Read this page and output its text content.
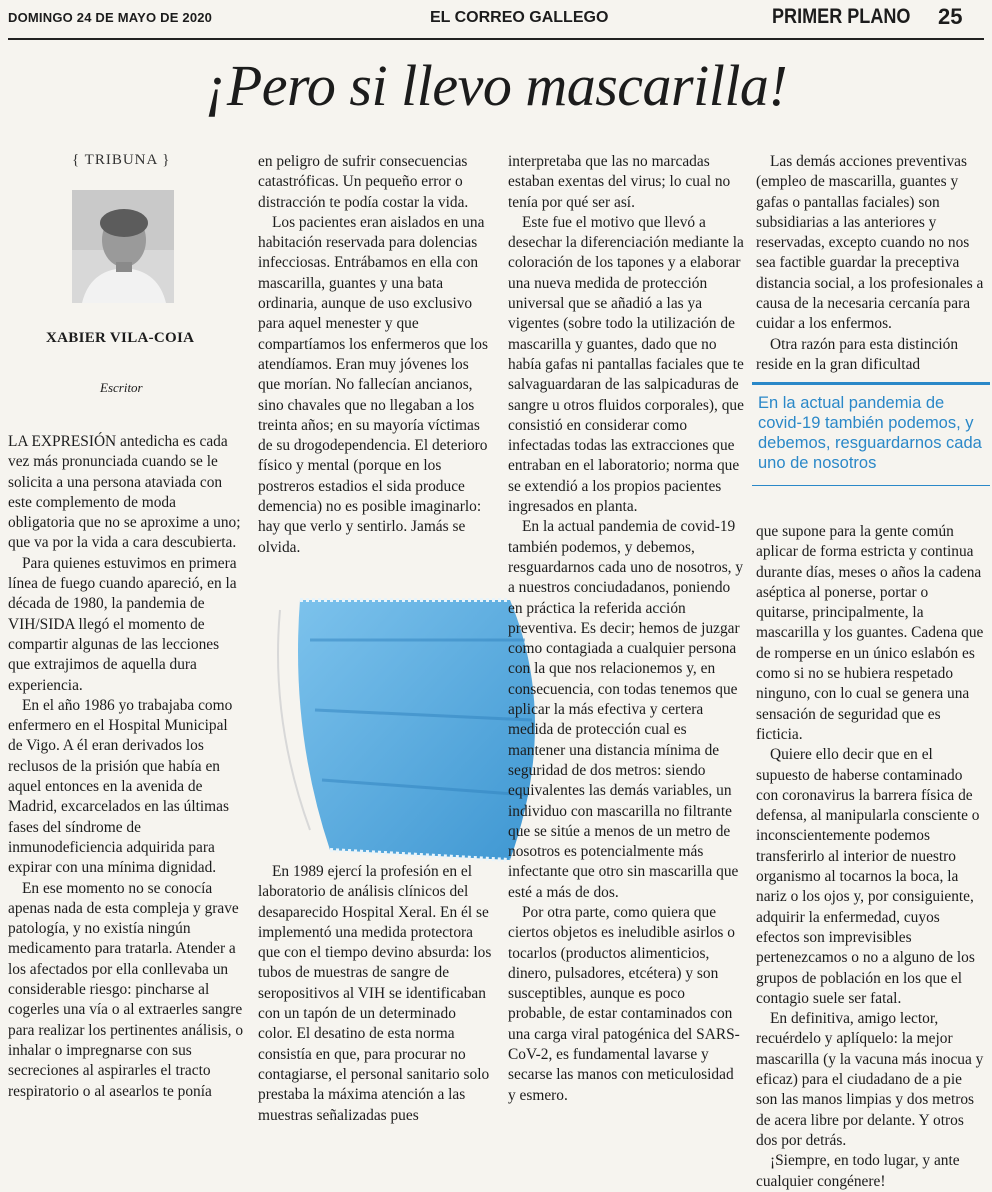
DOMINGO 24 DE MAYO DE 2020	EL CORREO GALLEGO	PRIMER PLANO 25
¡Pero si llevo mascarilla!
{ TRIBUNA }
XABIER VILA-COIA
Escritor

LA EXPRESIÓN antedicha es cada vez más pronunciada cuando se le solicita a una persona ataviada con este complemento de moda obligatoria que no se aproxime a uno; que va por la vida a cara descubierta.

Para quienes estuvimos en primera línea de fuego cuando apareció, en la década de 1980, la pandemia de VIH/SIDA llegó el momento de compartir algunas de las lecciones que extrajimos de aquella dura experiencia.

En el año 1986 yo trabajaba como enfermero en el Hospital Municipal de Vigo. A él eran derivados los reclusos de la prisión que había en aquel entonces en la avenida de Madrid, excarcelados en las últimas fases del síndrome de inmunodeficiencia adquirida para expirar con una mínima dignidad.

En ese momento no se conocía apenas nada de esta compleja y grave patología, y no existía ningún medicamento para tratarla. Atender a los afectados por ella conllevaba un considerable riesgo: pincharse al cogerles una vía o al extraerles sangre para realizar los pertinentes análisis, o inhalar o impregnarse con sus secreciones al aspirarles el tracto respiratorio o al asearlos te ponía

en peligro de sufrir consecuencias catastróficas. Un pequeño error o distracción te podía costar la vida.

Los pacientes eran aislados en una habitación reservada para dolencias infecciosas. Entrábamos en ella con mascarilla, guantes y una bata ordinaria, aunque de uso exclusivo para aquel menester y que compartíamos los enfermeros que los atendíamos. Eran muy jóvenes los que morían. No fallecían ancianos, sino chavales que no llegaban a los treinta años; en su mayoría víctimas de su drogodependencia. El deterioro físico y mental (porque en los postreros estadios el sida produce demencia) no es posible imaginarlo: hay que verlo y sentirlo. Jamás se olvida.

En 1989 ejercí la profesión en el laboratorio de análisis clínicos del desaparecido Hospital Xeral. En él se implementó una medida protectora que con el tiempo devino absurda: los tubos de muestras de sangre de seropositivos al VIH se identificaban con un tapón de un determinado color. El desatino de esta norma consistía en que, para procurar no contagiarse, el personal sanitario solo prestaba la máxima atención a las muestras señalizadas pues

interpretaba que las no marcadas estaban exentas del virus; lo cual no tenía por qué ser así.

Este fue el motivo que llevó a desechar la diferenciación mediante la coloración de los tapones y a elaborar una nueva medida de protección universal que se añadió a las ya vigentes (sobre todo la utilización de mascarilla y guantes, dado que no había gafas ni pantallas faciales que te salvaguardaran de las salpicaduras de sangre u otros fluidos corporales), que consistió en considerar como infectadas todas las extracciones que entraban en el laboratorio; norma que se extendió a los propios pacientes ingresados en planta.

En la actual pandemia de covid-19 también podemos, y debemos, resguardarnos cada uno de nosotros, y a nuestros conciudadanos, poniendo en práctica la referida acción preventiva. Es decir; hemos de juzgar como contagiada a cualquier persona con la que nos relacionemos y, en consecuencia, con todas tenemos que aplicar la más efectiva y certera medida de protección cual es mantener una distancia mínima de seguridad de dos metros: siendo equivalentes las demás variables, un individuo con mascarilla no filtrante que se sitúe a menos de un metro de nosotros es potencialmente más infectante que otro sin mascarilla que esté a más de dos.

Por otra parte, como quiera que ciertos objetos es ineludible asirlos o tocarlos (productos alimenticios, dinero, pulsadores, etcétera) y son susceptibles, aunque es poco probable, de estar contaminados con una carga viral patogénica del SARS-CoV-2, es fundamental lavarse y secarse las manos con meticulosidad y esmero.

Las demás acciones preventivas (empleo de mascarilla, guantes y gafas o pantallas faciales) son subsidiarias a las anteriores y reservadas, excepto cuando no nos sea factible guardar la preceptiva distancia social, a los profesionales a causa de la necesaria cercanía para cuidar a los enfermos.

Otra razón para esta distinción reside en la gran dificultad

En la actual pandemia de covid-19 también podemos, y debemos, resguardarnos cada uno de nosotros

que supone para la gente común aplicar de forma estricta y continua durante días, meses o años la cadena aséptica al ponerse, portar o quitarse, principalmente, la mascarilla y los guantes. Cadena que de romperse en un único eslabón es como si no se hubiera respetado ninguno, con lo cual se genera una sensación de seguridad que es ficticia.

Quiere ello decir que en el supuesto de haberse contaminado con coronavirus la barrera física de defensa, al manipularla consciente o inconscientemente podemos transferirlo al interior de nuestro organismo al tocarnos la boca, la nariz o los ojos y, por consiguiente, adquirir la enfermedad, cuyos efectos son imprevisibles pertenezcamos o no a alguno de los grupos de población en los que el contagio suele ser fatal.

En definitiva, amigo lector, recuérdelo y aplíquelo: la mejor mascarilla (y la vacuna más inocua y eficaz) para el ciudadano de a pie son las manos limpias y dos metros de acera libre por delante. Y otros dos por detrás.

¡Siempre, en todo lugar, y ante cualquier congénere!
